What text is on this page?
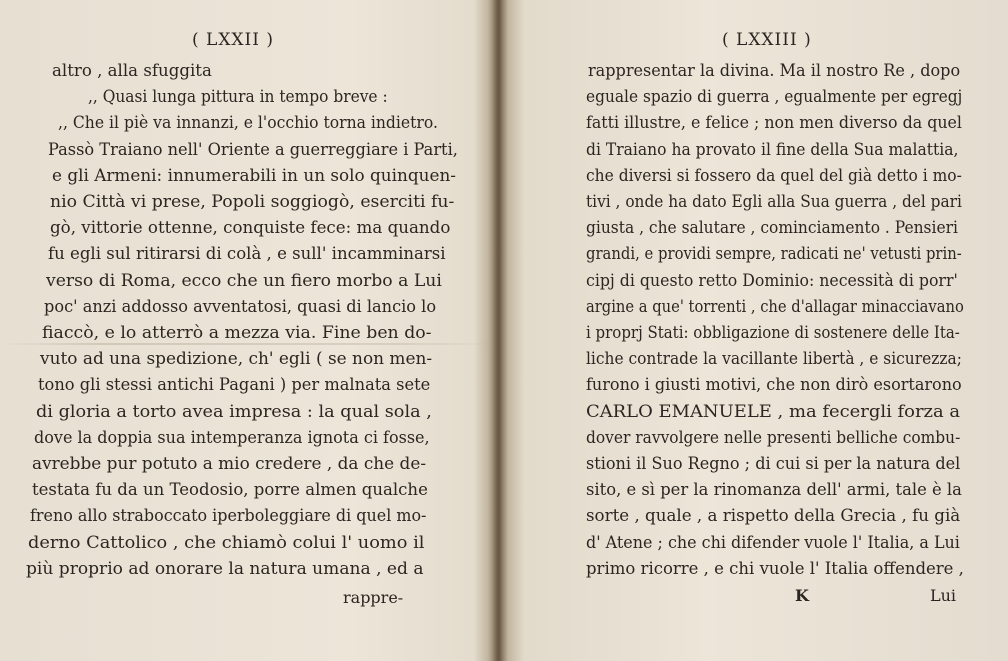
( LXXII )
altro , alla sfuggita
,, Quasi lunga pittura in tempo breve :
,, Che il piè va innanzi, e l'occhio torna indietro.
Passò Traiano nell' Oriente a guerreggiare i Parti,
e gli Armeni: innumerabili in un solo quinquen-
nio Città vi prese, Popoli soggiogò, eserciti fu-
gò, vittorie ottenne, conquiste fece: ma quando
fu egli sul ritirarsi di colà , e sull' incamminarsi
verso di Roma, ecco che un fiero morbo a Lui
poc' anzi addosso avventatosi, quasi di lancio lo
fiaccò, e lo atterrò a mezza via. Fine ben do-
vuto ad una spedizione, ch' egli ( se non men-
tono gli stessi antichi Pagani ) per malnata sete
di gloria a torto avea impresa : la qual sola ,
dove la doppia sua intemperanza ignota ci fosse,
avrebbe pur potuto a mio credere , da che de-
testata fu da un Teodosio, porre almen qualche
freno allo straboccato iperboleggiare di quel mo-
derno Cattolico , che chiamò colui l' uomo il
più proprio ad onorare la natura umana , ed a
rappre-
( LXXIII )
rappresentar la divina. Ma il nostro Re , dopo
eguale spazio di guerra , egualmente per egregj
fatti illustre, e felice ; non men diverso da quel
di Traiano ha provato il fine della Sua malattia,
che diversi si fossero da quel del già detto i mo-
tivi , onde ha dato Egli alla Sua guerra , del pari
giusta , che salutare , cominciamento . Pensieri
grandi, e providi sempre, radicati ne' vetusti prin-
cipj di questo retto Dominio: necessità di porr'
argine a que' torrenti , che d'allagar minacciavano
i proprj Stati: obbligazione di sostenere delle Ita-
liche contrade la vacillante libertà , e sicurezza;
furono i giusti motivi, che non dirò esortarono
CARLO EMANUELE , ma fecergli forza a
dover ravvolgere nelle presenti belliche combu-
stioni il Suo Regno ; di cui si per la natura del
sito, e sì per la rinomanza dell' armi, tale è la
sorte , quale , a rispetto della Grecia , fu già
d' Atene ; che chi difender vuole l' Italia, a Lui
primo ricorre , e chi vuole l' Italia offendere ,
K	Lui
